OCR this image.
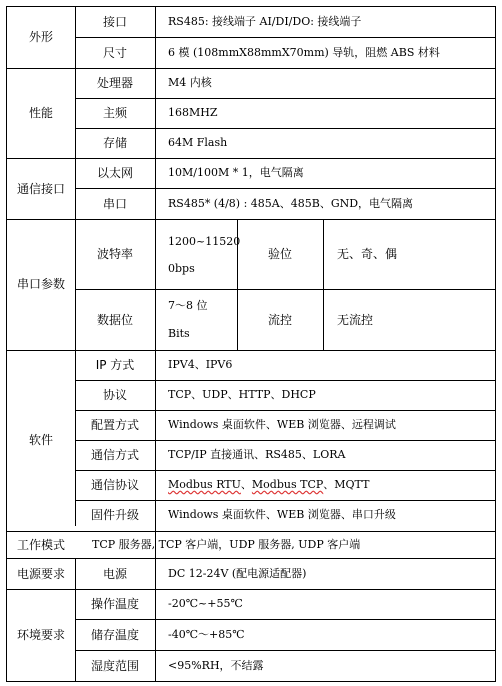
外形
性能
通信接口
串口参数
软件
工作模式
电源要求
环境要求
接口
尺寸
处理器
主频
存储
以太网
串口
波特率
数据位
IP 方式
协议
配置方式
通信方式
通信协议
固件升级
电源
操作温度
储存温度
湿度范围
RS485: 接线端子 AI/DI/DO: 接线端子
6 模 (108mmX88mmX70mm) 导轨，阻燃 ABS 材料
M4 内核
168MHZ
64M Flash
10M/100M * 1，电气隔离
RS485* (4/8) : 485A、485B、GND，电气隔离
1200~11520
0bps
验位	无、奇、偶
7～8 位
Bits
流控	无流控
IPV4、IPV6
TCP、UDP、HTTP、DHCP
Windows 桌面软件、WEB 浏览器、远程调试
TCP/IP 直接通讯、RS485、LORA
Modbus RTU、Modbus TCP、MQTT
Windows 桌面软件、WEB 浏览器、串口升级
TCP 服务器, TCP 客户端，UDP 服务器, UDP 客户端
DC 12-24V (配电源适配器)
-20℃~+55℃
-40℃～+85℃
<95%RH，不结露
